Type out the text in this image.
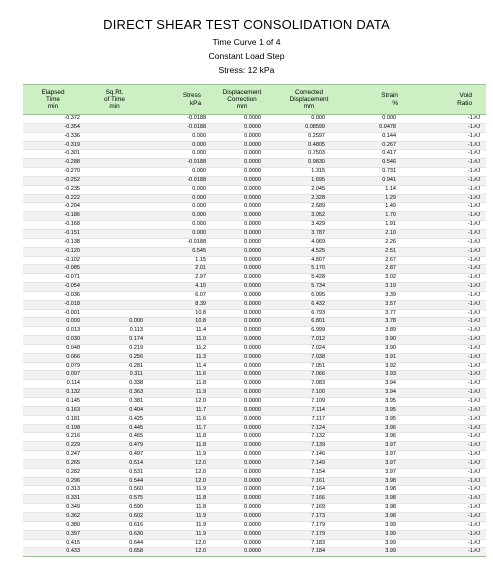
DIRECT SHEAR TEST CONSOLIDATION DATA
Time Curve 1 of 4
Constant Load Step
Stress: 12 kPa
Elapsed
Time
min	Sq.Rt.
of Time
min	Stress
kPa	Displacement
Correction
mm	Corrected
Displacement
mm	Strain
%	Void
Ratio

-0.372		-0.0188	0.0000	0.000	0.000	-1.#J
-0.354		-0.0188	0.0000	0.08599	0.0478	-1.#J
-0.336		0.000	0.0000	0.2597	0.144	-1.#J
-0.319		0.000	0.0000	0.4805	0.267	-1.#J
-0.301		0.000	0.0000	0.7503	0.417	-1.#J
-0.288		-0.0188	0.0000	0.9830	0.546	-1.#J
-0.270		0.000	0.0000	1.315	0.731	-1.#J
-0.252		-0.0188	0.0000	1.695	0.941	-1.#J
-0.235		0.000	0.0000	2.045	1.14	-1.#J
-0.222		0.000	0.0000	2.328	1.29	-1.#J
-0.204		0.000	0.0000	2.689	1.49	-1.#J
-0.186		0.000	0.0000	3.052	1.70	-1.#J
-0.168		0.000	0.0000	3.429	1.91	-1.#J
-0.151		0.000	0.0000	3.787	2.10	-1.#J
-0.138		-0.0188	0.0000	4.069	2.26	-1.#J
-0.120		0.545	0.0000	4.525	2.51	-1.#J
-0.102		1.15	0.0000	4.807	2.67	-1.#J
-0.085		2.01	0.0000	5.170	2.87	-1.#J
-0.071		2.97	0.0000	5.428	3.02	-1.#J
-0.054		4.10	0.0000	5.734	3.19	-1.#J
-0.036		6.07	0.0000	6.095	3.39	-1.#J
-0.018		8.39	0.0000	6.432	3.57	-1.#J
-0.001		10.8	0.0000	6.793	3.77	-1.#J
0.000	0.000	10.8	0.0000	6.801	3.78	-1.#J
0.013	0.113	11.4	0.0000	6.999	3.89	-1.#J
0.030	0.174	11.0	0.0000	7.012	3.90	-1.#J
0.048	0.219	11.2	0.0000	7.024	3.90	-1.#J
0.066	0.256	11.3	0.0000	7.038	3.91	-1.#J
0.079	0.281	11.4	0.0000	7.051	3.92	-1.#J
0.097	0.311	11.6	0.0000	7.066	3.93	-1.#J
0.114	0.338	11.8	0.0000	7.083	3.94	-1.#J
0.132	0.363	11.9	0.0000	7.100	3.94	-1.#J
0.145	0.381	12.0	0.0000	7.109	3.95	-1.#J
0.163	0.404	11.7	0.0000	7.114	3.95	-1.#J
0.181	0.425	11.6	0.0000	7.117	3.95	-1.#J
0.198	0.445	11.7	0.0000	7.124	3.96	-1.#J
0.216	0.465	11.8	0.0000	7.132	3.96	-1.#J
0.229	0.479	11.8	0.0000	7.139	3.97	-1.#J
0.247	0.497	11.9	0.0000	7.146	3.97	-1.#J
0.265	0.514	12.0	0.0000	7.149	3.97	-1.#J
0.282	0.531	12.0	0.0000	7.154	3.97	-1.#J
0.296	0.544	12.0	0.0000	7.161	3.98	-1.#J
0.313	0.560	11.9	0.0000	7.164	3.98	-1.#J
0.331	0.575	11.8	0.0000	7.166	3.98	-1.#J
0.349	0.590	11.8	0.0000	7.169	3.98	-1.#J
0.362	0.602	11.9	0.0000	7.173	3.98	-1.#J
0.380	0.616	11.9	0.0000	7.179	3.99	-1.#J
0.397	0.630	11.9	0.0000	7.179	3.99	-1.#J
0.415	0.644	12.0	0.0000	7.183	3.99	-1.#J
0.433	0.658	12.0	0.0000	7.184	3.99	-1.#J
